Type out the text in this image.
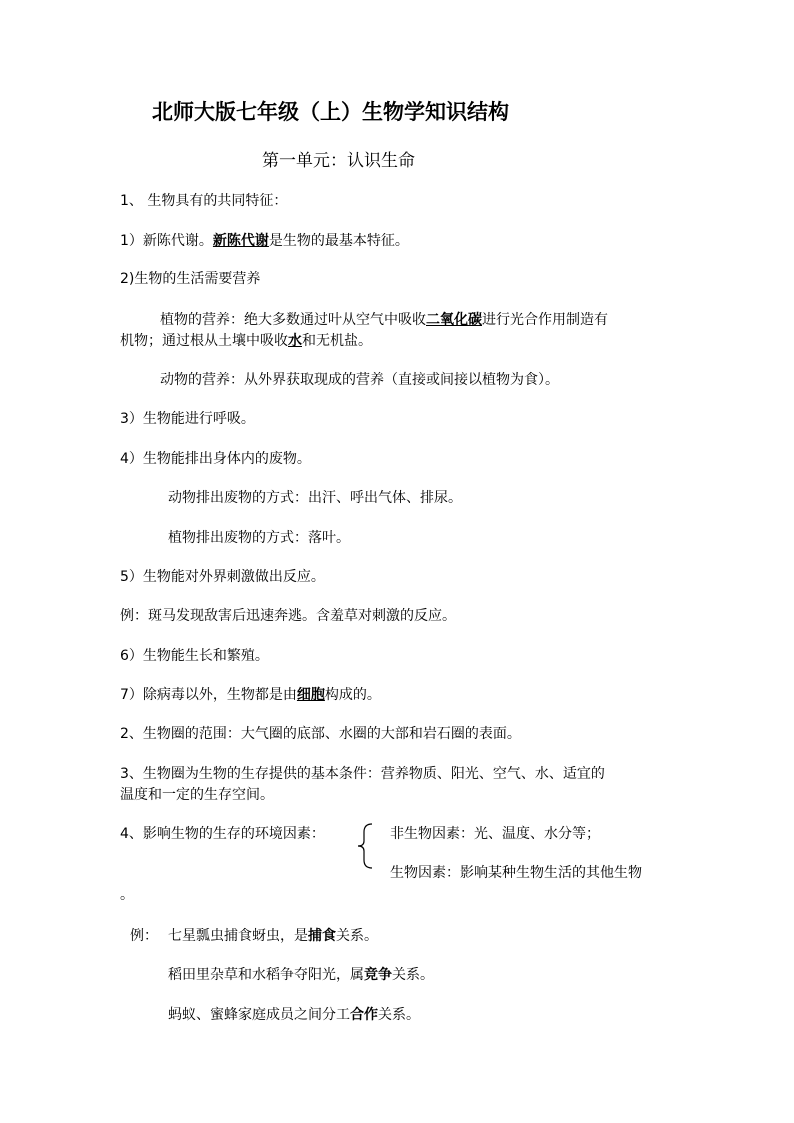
北师大版七年级（上）生物学知识结构
第一单元：认识生命
1、 生物具有的共同特征：
1）新陈代谢。新陈代谢是生物的最基本特征。
2)生物的生活需要营养
植物的营养：绝大多数通过叶从空气中吸收二氧化碳进行光合作用制造有
机物；通过根从土壤中吸收水和无机盐。
动物的营养：从外界获取现成的营养（直接或间接以植物为食）。
3）生物能进行呼吸。
4）生物能排出身体内的废物。
动物排出废物的方式：出汗、呼出气体、排尿。
植物排出废物的方式：落叶。
5）生物能对外界刺激做出反应。
例：斑马发现敌害后迅速奔逃。含羞草对刺激的反应。
6）生物能生长和繁殖。
7）除病毒以外，生物都是由细胞构成的。
2、生物圈的范围：大气圈的底部、水圈的大部和岩石圈的表面。
3、生物圈为生物的生存提供的基本条件：营养物质、阳光、空气、水、适宜的
温度和一定的生存空间。
4、影响生物的生存的环境因素：	非生物因素：光、温度、水分等；
生物因素：影响某种生物生活的其他生物
。
例： 七星瓢虫捕食蚜虫，是捕食关系。
稻田里杂草和水稻争夺阳光，属竞争关系。
蚂蚁、蜜蜂家庭成员之间分工合作关系。
